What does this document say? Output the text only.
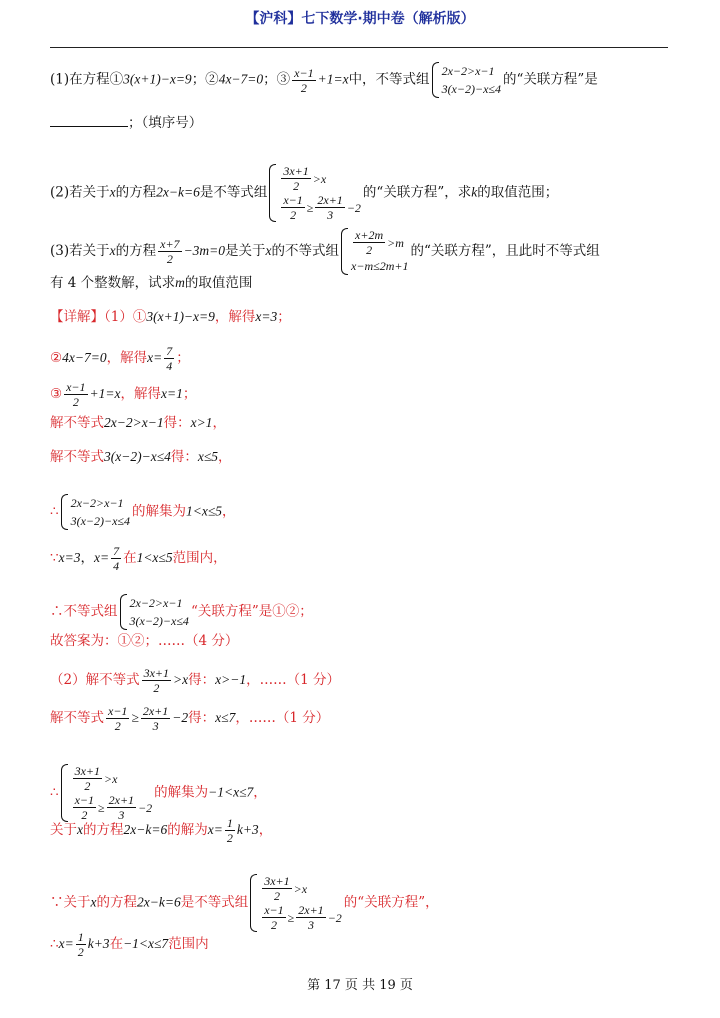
【沪科】七下数学·期中卷（解析版）
(1)在方程①3(x+1)−x=9；②4x−7=0；③ $\frac{x-1}{2} +1=x$中，不等式组
2x−2>x−1
3(x−2)−x≤4
的“关联方程”是
；（填序号）
(2)若关于x的方程2x−k=6是不等式组
3x+1
2
>x
$\frac{x-1}{2} \ge \frac{2x+1}{3} -2$
的“关联方程”，求k的取值范围；
(3)若关于x的方程 $\frac{x+7}{2} -3m=0$是关于x的不等式组
x+2m
2
>m
x−m≤2m+1
的“关联方程”，且此时不等式组
有 4 个整数解，试求m的取值范围
【详解】（1）①3(x+1)−x=9，解得x=3；
②4x−7=0，解得$x= \frac{7}{4}$ ；
③ $\frac{x-1}{2} +1=x$，解得x=1；
解不等式2x−2>x−1得：x>1，
解不等式3(x−2)−x≤4得：x≤5，
∴
2x−2>x−1
3(x−2)−x≤4
的解集为1<x≤5，
∵x=3，$x= \frac{7}{4}$ 在1<x≤5范围内，
∴不等式组
2x−2>x−1
3(x−2)−x≤4
“关联方程”是①②；
故答案为：①②；……（4 分）
（2）解不等式 $\frac{3x+1}{2} >x$得：x>−1，……（1 分）
解不等式 $\frac{x-1}{2} \ge \frac{2x+1}{3} -2$得：x≤7，……（1 分）
∴
3x+1
2
>x
$\frac{x-1}{2} \ge \frac{2x+1}{3} -2$
的解集为−1<x≤7，
关于x的方程2x−k=6的解为$x= \frac{1}{2} k+3$，
∵关于x的方程2x−k=6是不等式组
3x+1
2
>x
$\frac{x-1}{2} \ge \frac{2x+1}{3} -2$
的“关联方程”，
∴x= $\frac{1}{2} k+3$在−1<x≤7范围内
第 17 页 共 19 页
